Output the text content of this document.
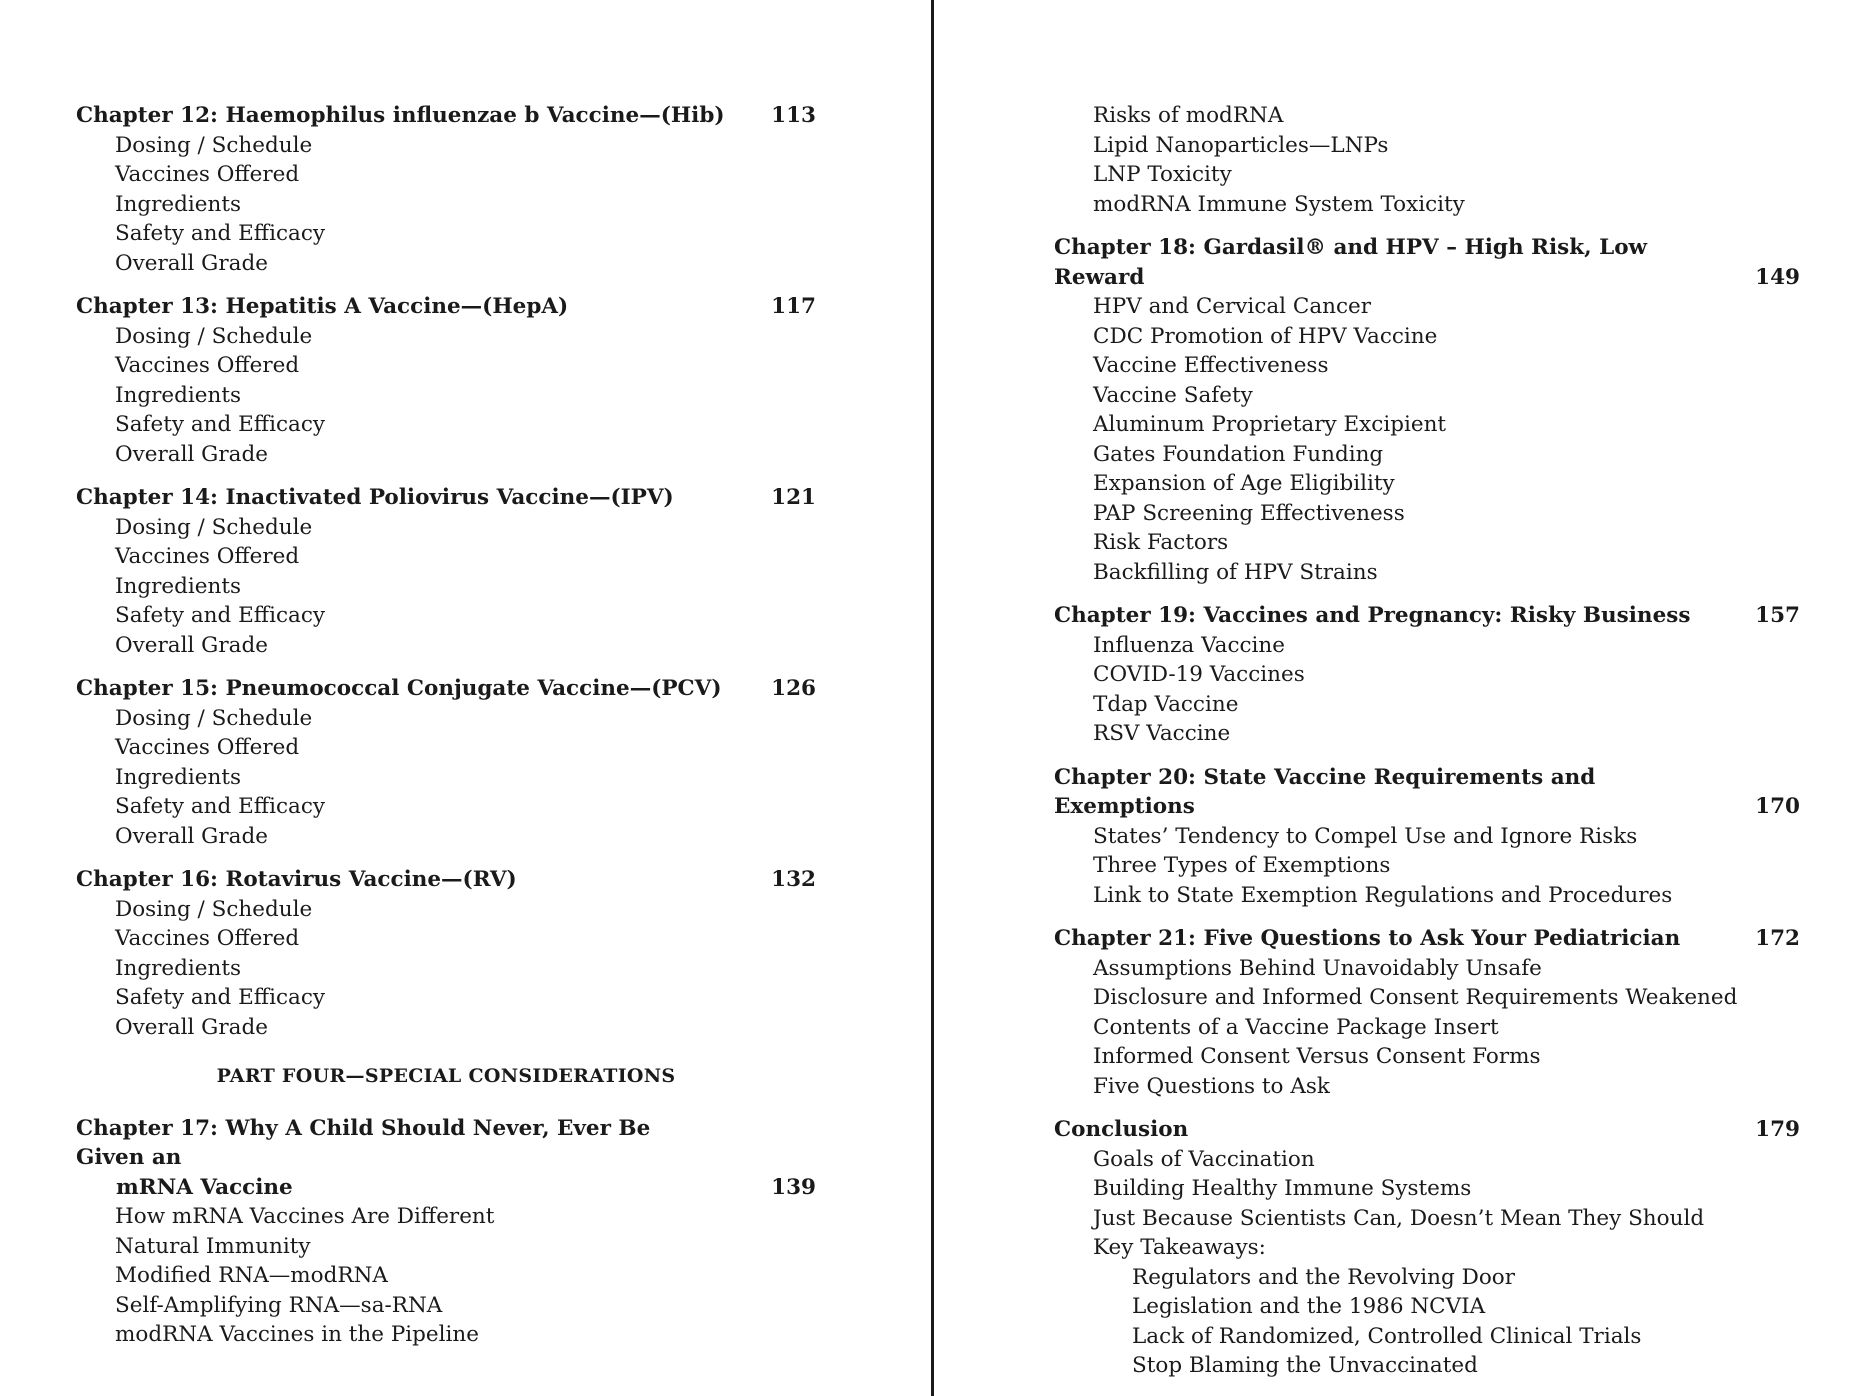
Chapter 12: Haemophilus influenzae b Vaccine—(Hib)	113
Dosing / Schedule
Vaccines Offered
Ingredients
Safety and Efficacy
Overall Grade
Chapter 13: Hepatitis A Vaccine—(HepA)	117
Dosing / Schedule
Vaccines Offered
Ingredients
Safety and Efficacy
Overall Grade
Chapter 14: Inactivated Poliovirus Vaccine—(IPV)	121
Dosing / Schedule
Vaccines Offered
Ingredients
Safety and Efficacy
Overall Grade
Chapter 15: Pneumococcal Conjugate Vaccine—(PCV)	126
Dosing / Schedule
Vaccines Offered
Ingredients
Safety and Efficacy
Overall Grade
Chapter 16: Rotavirus Vaccine—(RV)	132
Dosing / Schedule
Vaccines Offered
Ingredients
Safety and Efficacy
Overall Grade
PART FOUR—SPECIAL CONSIDERATIONS
Chapter 17: Why A Child Should Never, Ever Be Given an
mRNA Vaccine	139
How mRNA Vaccines Are Different
Natural Immunity
Modified RNA—modRNA
Self-Amplifying RNA—sa-RNA
modRNA Vaccines in the Pipeline
Risks of modRNA
Lipid Nanoparticles—LNPs
LNP Toxicity
modRNA Immune System Toxicity
Chapter 18: Gardasil® and HPV – High Risk, Low Reward	149
HPV and Cervical Cancer
CDC Promotion of HPV Vaccine
Vaccine Effectiveness
Vaccine Safety
Aluminum Proprietary Excipient
Gates Foundation Funding
Expansion of Age Eligibility
PAP Screening Effectiveness
Risk Factors
Backfilling of HPV Strains
Chapter 19: Vaccines and Pregnancy: Risky Business	157
Influenza Vaccine
COVID-19 Vaccines
Tdap Vaccine
RSV Vaccine
Chapter 20: State Vaccine Requirements and Exemptions	170
States’ Tendency to Compel Use and Ignore Risks
Three Types of Exemptions
Link to State Exemption Regulations and Procedures
Chapter 21: Five Questions to Ask Your Pediatrician	172
Assumptions Behind Unavoidably Unsafe
Disclosure and Informed Consent Requirements Weakened
Contents of a Vaccine Package Insert
Informed Consent Versus Consent Forms
Five Questions to Ask
Conclusion	179
Goals of Vaccination
Building Healthy Immune Systems
Just Because Scientists Can, Doesn’t Mean They Should
Key Takeaways:
Regulators and the Revolving Door
Legislation and the 1986 NCVIA
Lack of Randomized, Controlled Clinical Trials
Stop Blaming the Unvaccinated
